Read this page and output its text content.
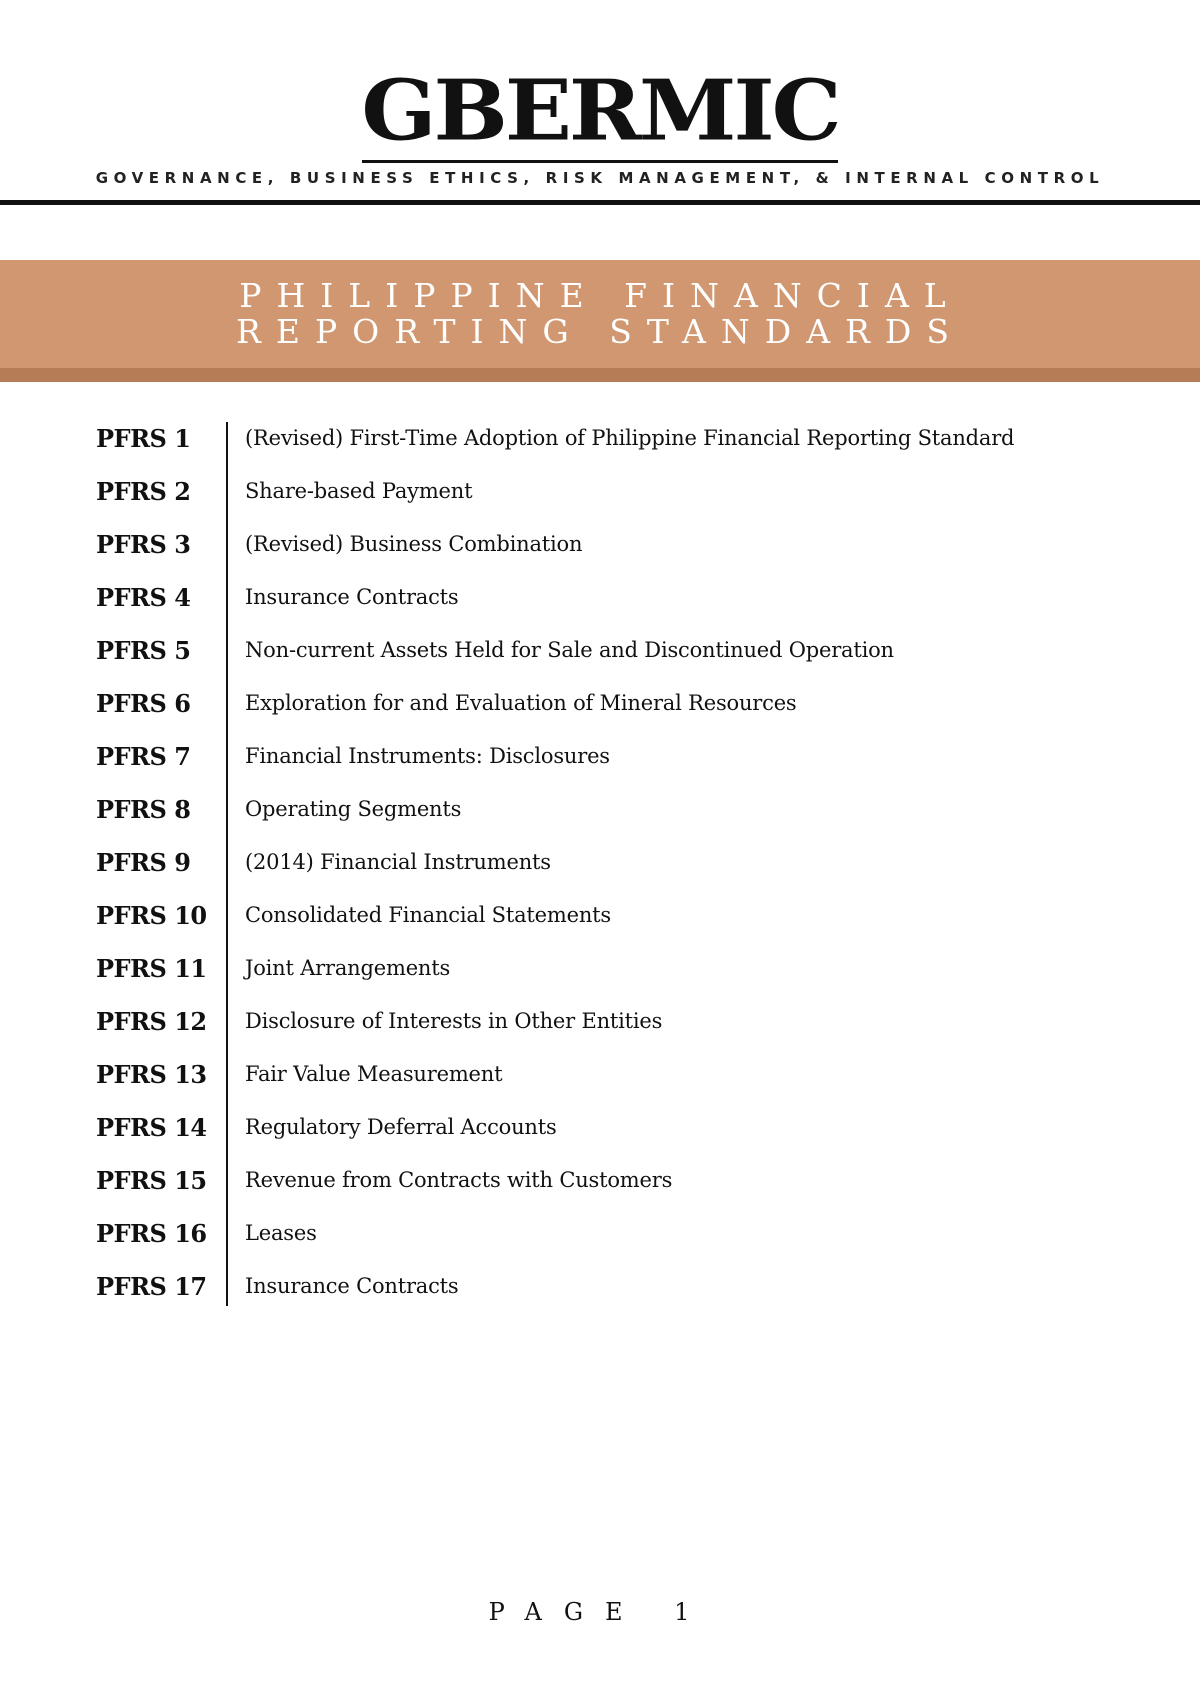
GBERMIC
GOVERNANCE, BUSINESS ETHICS, RISK MANAGEMENT, & INTERNAL CONTROL
PHILIPPINE FINANCIAL
REPORTING STANDARDS
PFRS 1	(Revised) First-Time Adoption of Philippine Financial Reporting Standard
PFRS 2	Share-based Payment
PFRS 3	(Revised) Business Combination
PFRS 4	Insurance Contracts
PFRS 5	Non-current Assets Held for Sale and Discontinued Operation
PFRS 6	Exploration for and Evaluation of Mineral Resources
PFRS 7	Financial Instruments: Disclosures
PFRS 8	Operating Segments
PFRS 9	(2014) Financial Instruments
PFRS 10 Consolidated Financial Statements
PFRS 11 Joint Arrangements
PFRS 12 Disclosure of Interests in Other Entities
PFRS 13 Fair Value Measurement
PFRS 14 Regulatory Deferral Accounts
PFRS 15 Revenue from Contracts with Customers
PFRS 16 Leases
PFRS 17 Insurance Contracts
PAGE 1
